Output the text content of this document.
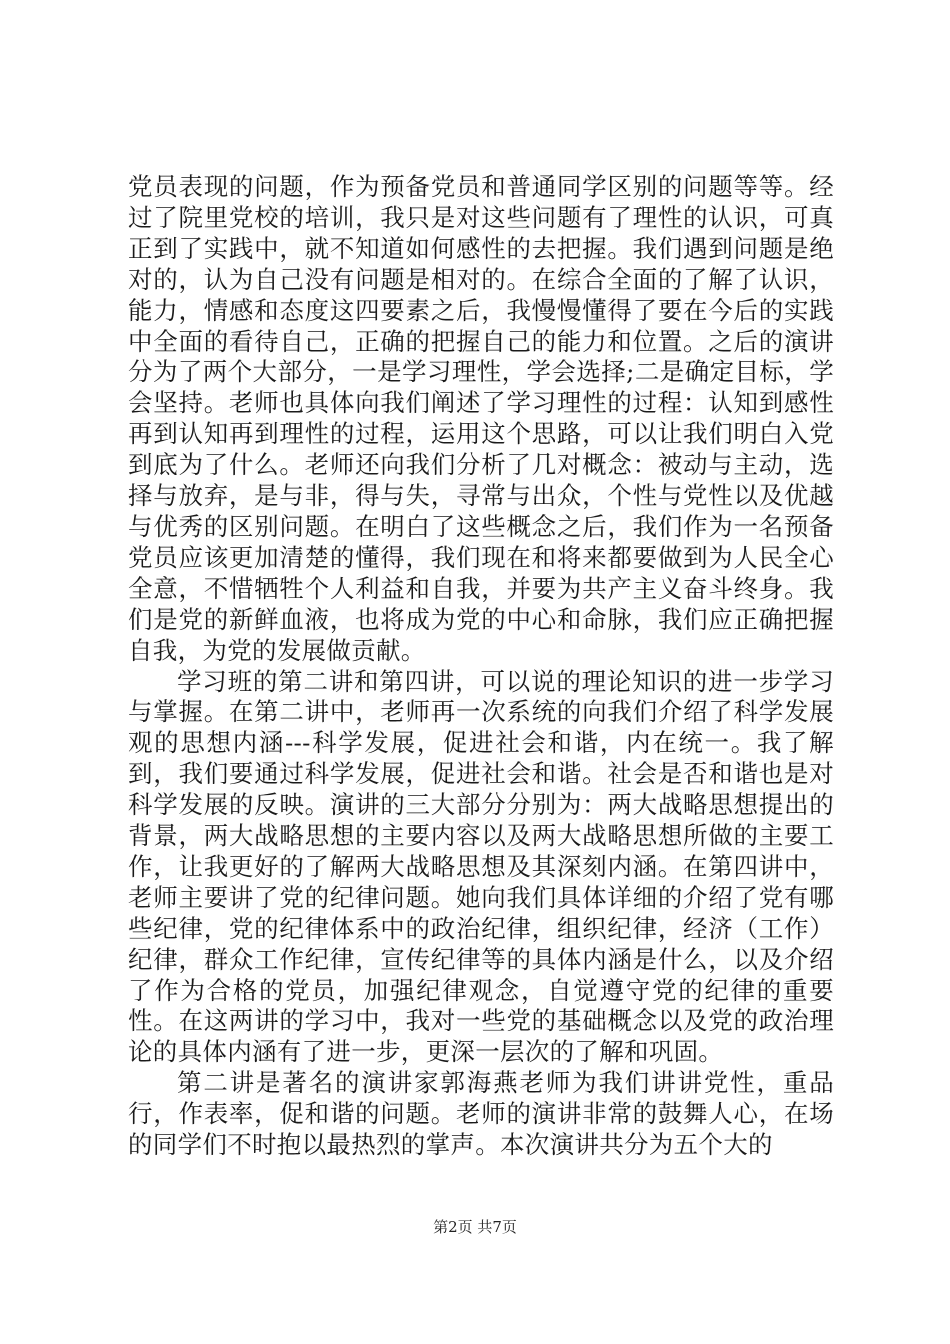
党员表现的问题，作为预备党员和普通同学区别的问题等等。经过了院里党校的培训，我只是对这些问题有了理性的认识，可真正到了实践中，就不知道如何感性的去把握。我们遇到问题是绝对的，认为自己没有问题是相对的。在综合全面的了解了认识，能力，情感和态度这四要素之后，我慢慢懂得了要在今后的实践中全面的看待自己，正确的把握自己的能力和位置。之后的演讲分为了两个大部分，一是学习理性，学会选择;二是确定目标，学会坚持。老师也具体向我们阐述了学习理性的过程：认知到感性再到认知再到理性的过程，运用这个思路，可以让我们明白入党到底为了什么。老师还向我们分析了几对概念：被动与主动，选择与放弃，是与非，得与失，寻常与出众，个性与党性以及优越与优秀的区别问题。在明白了这些概念之后，我们作为一名预备党员应该更加清楚的懂得，我们现在和将来都要做到为人民全心全意，不惜牺牲个人利益和自我，并要为共产主义奋斗终身。我们是党的新鲜血液，也将成为党的中心和命脉，我们应正确把握自我，为党的发展做贡献。

学习班的第二讲和第四讲，可以说的理论知识的进一步学习与掌握。在第二讲中，老师再一次系统的向我们介绍了科学发展观的思想内涵---科学发展，促进社会和谐，内在统一。我了解到，我们要通过科学发展，促进社会和谐。社会是否和谐也是对科学发展的反映。演讲的三大部分分别为：两大战略思想提出的背景，两大战略思想的主要内容以及两大战略思想所做的主要工作，让我更好的了解两大战略思想及其深刻内涵。在第四讲中，老师主要讲了党的纪律问题。她向我们具体详细的介绍了党有哪些纪律，党的纪律体系中的政治纪律，组织纪律，经济（工作）纪律，群众工作纪律，宣传纪律等的具体内涵是什么，以及介绍了作为合格的党员，加强纪律观念，自觉遵守党的纪律的重要性。在这两讲的学习中，我对一些党的基础概念以及党的政治理论的具体内涵有了进一步，更深一层次的了解和巩固。

第二讲是著名的演讲家郭海燕老师为我们讲讲党性，重品行，作表率，促和谐的问题。老师的演讲非常的鼓舞人心，在场的同学们不时抱以最热烈的掌声。本次演讲共分为五个大的

第2页 共7页
